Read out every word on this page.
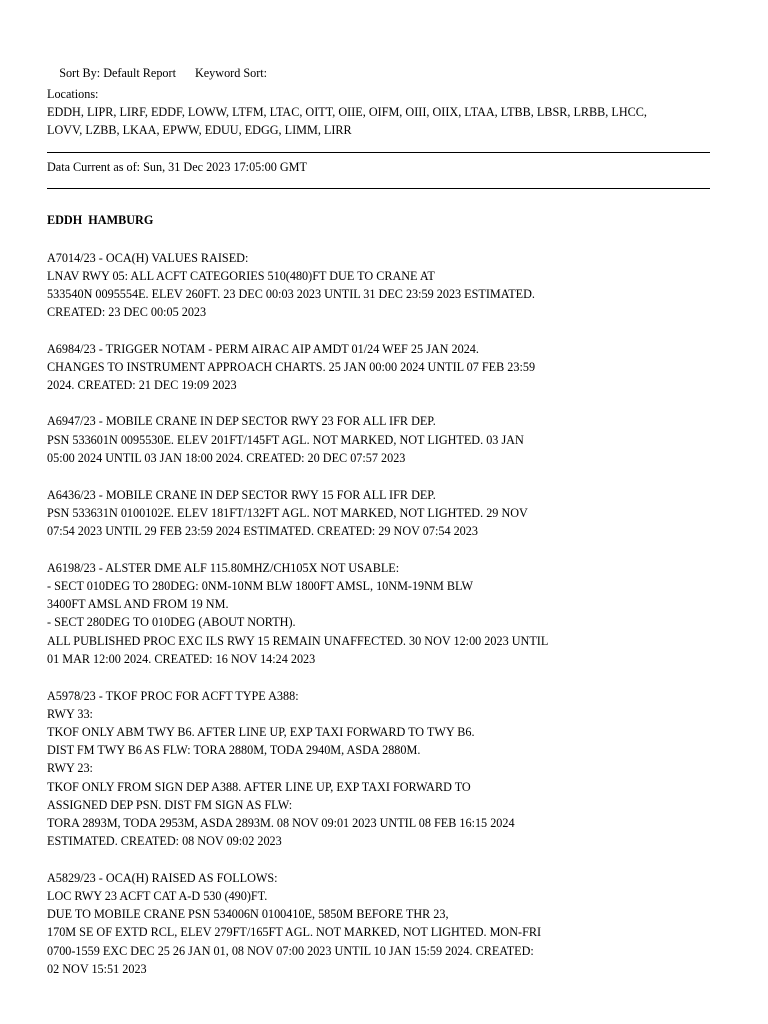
Sort By: Default Report Keyword Sort:

Locations:
EDDH, LIPR, LIRF, EDDF, LOWW, LTFM, LTAC, OITT, OIIE, OIFM, OIII, OIIX, LTAA, LTBB, LBSR, LRBB, LHCC,
LOVV, LZBB, LKAA, EPWW, EDUU, EDGG, LIMM, LIRR
Data Current as of: Sun, 31 Dec 2023 17:05:00 GMT
EDDH  HAMBURG
A7014/23 - OCA(H) VALUES RAISED:
LNAV RWY 05: ALL ACFT CATEGORIES 510(480)FT DUE TO CRANE AT
533540N 0095554E. ELEV 260FT. 23 DEC 00:03 2023 UNTIL 31 DEC 23:59 2023 ESTIMATED.
CREATED: 23 DEC 00:05 2023
A6984/23 - TRIGGER NOTAM - PERM AIRAC AIP AMDT 01/24 WEF 25 JAN 2024.
CHANGES TO INSTRUMENT APPROACH CHARTS. 25 JAN 00:00 2024 UNTIL 07 FEB 23:59
2024. CREATED: 21 DEC 19:09 2023
A6947/23 - MOBILE CRANE IN DEP SECTOR RWY 23 FOR ALL IFR DEP.
PSN 533601N 0095530E. ELEV 201FT/145FT AGL. NOT MARKED, NOT LIGHTED. 03 JAN
05:00 2024 UNTIL 03 JAN 18:00 2024. CREATED: 20 DEC 07:57 2023
A6436/23 - MOBILE CRANE IN DEP SECTOR RWY 15 FOR ALL IFR DEP.
PSN 533631N 0100102E. ELEV 181FT/132FT AGL. NOT MARKED, NOT LIGHTED. 29 NOV
07:54 2023 UNTIL 29 FEB 23:59 2024 ESTIMATED. CREATED: 29 NOV 07:54 2023
A6198/23 - ALSTER DME ALF 115.80MHZ/CH105X NOT USABLE:
- SECT 010DEG TO 280DEG: 0NM-10NM BLW 1800FT AMSL, 10NM-19NM BLW
3400FT AMSL AND FROM 19 NM.
- SECT 280DEG TO 010DEG (ABOUT NORTH).
ALL PUBLISHED PROC EXC ILS RWY 15 REMAIN UNAFFECTED. 30 NOV 12:00 2023 UNTIL
01 MAR 12:00 2024. CREATED: 16 NOV 14:24 2023
A5978/23 - TKOF PROC FOR ACFT TYPE A388:
RWY 33:
TKOF ONLY ABM TWY B6. AFTER LINE UP, EXP TAXI FORWARD TO TWY B6.
DIST FM TWY B6 AS FLW: TORA 2880M, TODA 2940M, ASDA 2880M.
RWY 23:
TKOF ONLY FROM SIGN DEP A388. AFTER LINE UP, EXP TAXI FORWARD TO
ASSIGNED DEP PSN. DIST FM SIGN AS FLW:
TORA 2893M, TODA 2953M, ASDA 2893M. 08 NOV 09:01 2023 UNTIL 08 FEB 16:15 2024
ESTIMATED. CREATED: 08 NOV 09:02 2023
A5829/23 - OCA(H) RAISED AS FOLLOWS:
LOC RWY 23 ACFT CAT A-D 530 (490)FT.
DUE TO MOBILE CRANE PSN 534006N 0100410E, 5850M BEFORE THR 23,
170M SE OF EXTD RCL, ELEV 279FT/165FT AGL. NOT MARKED, NOT LIGHTED. MON-FRI
0700-1559 EXC DEC 25 26 JAN 01, 08 NOV 07:00 2023 UNTIL 10 JAN 15:59 2024. CREATED:
02 NOV 15:51 2023
